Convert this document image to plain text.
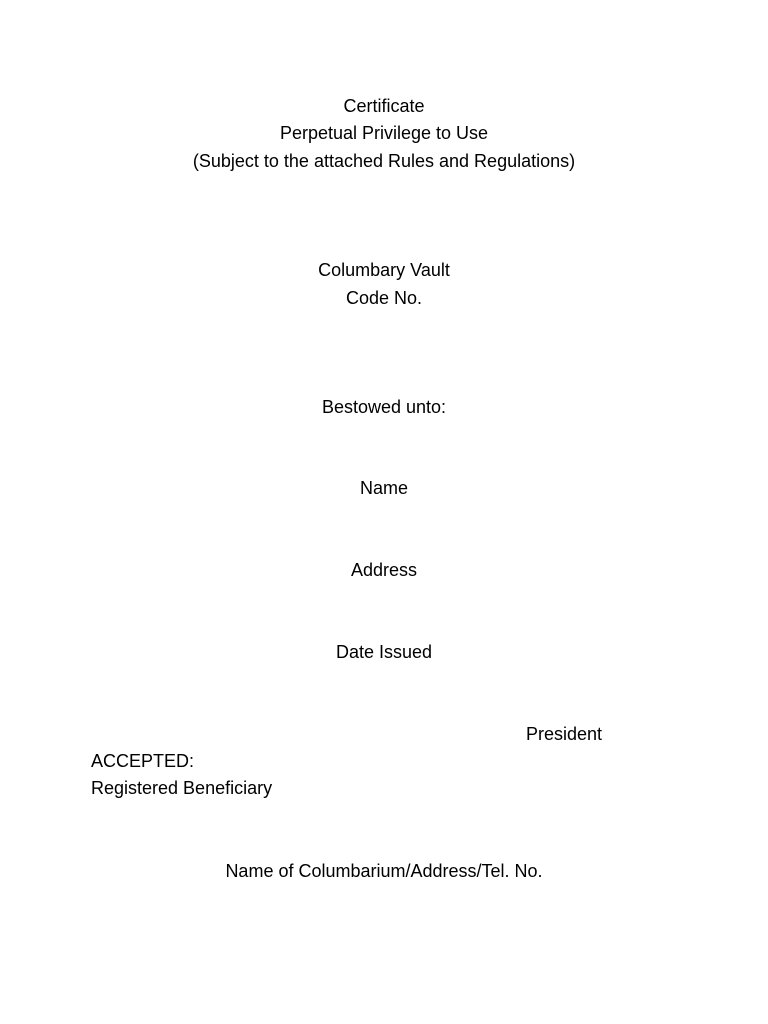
Certificate
Perpetual Privilege to Use
(Subject to the attached Rules and Regulations)
Columbary Vault
Code No.
Bestowed unto:
Name
Address
Date Issued
President
ACCEPTED:
Registered Beneficiary
Name of Columbarium/Address/Tel. No.
